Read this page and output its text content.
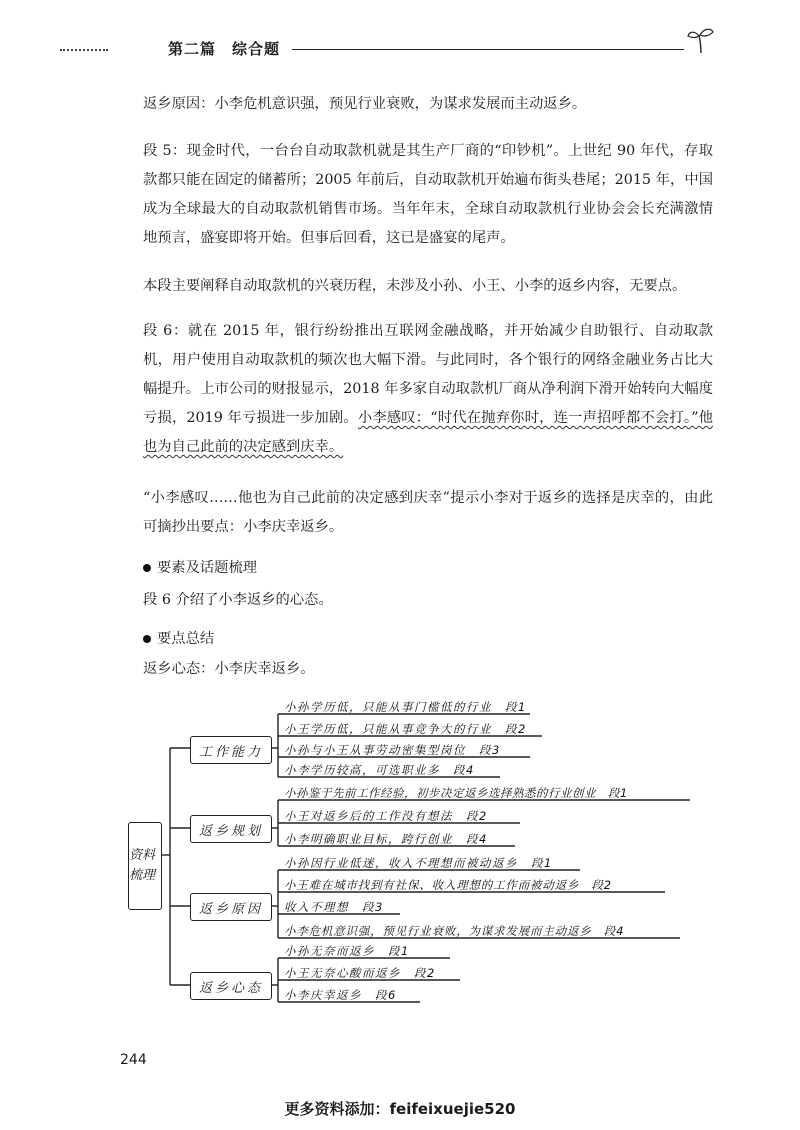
第二篇　综合题
返乡原因：小李危机意识强，预见行业衰败，为谋求发展而主动返乡。
段 5：现金时代，一台台自动取款机就是其生产厂商的“印钞机”。上世纪 90 年代，存取款都只能在固定的储蓄所；2005 年前后，自动取款机开始遍布街头巷尾；2015 年，中国成为全球最大的自动取款机销售市场。当年年末，全球自动取款机行业协会会长充满激情地预言，盛宴即将开始。但事后回看，这已是盛宴的尾声。
本段主要阐释自动取款机的兴衰历程，未涉及小孙、小王、小李的返乡内容，无要点。
段 6：就在 2015 年，银行纷纷推出互联网金融战略，并开始减少自助银行、自动取款机，用户使用自动取款机的频次也大幅下滑。与此同时，各个银行的网络金融业务占比大幅提升。上市公司的财报显示，2018 年多家自动取款机厂商从净利润下滑开始转向大幅度亏损，2019 年亏损进一步加剧。小李感叹：“时代在抛弃你时，连一声招呼都不会打。”他也为自己此前的决定感到庆幸。
“小李感叹……他也为自己此前的决定感到庆幸”提示小李对于返乡的选择是庆幸的，由此可摘抄出要点：小李庆幸返乡。
要素及话题梳理
段 6 介绍了小李返乡的心态。
要点总结
返乡心态：小李庆幸返乡。
资料梳理
工作能力
返乡规划
返乡原因
返乡心态
小孙学历低，只能从事门槛低的行业　段1
小王学历低，只能从事竞争大的行业　段2
小孙与小王从事劳动密集型岗位　段3
小李学历较高，可选职业多　段4
小孙鉴于先前工作经验，初步决定返乡选择熟悉的行业创业　段1
小王对返乡后的工作没有想法　段2
小李明确职业目标，跨行创业　段4
小孙因行业低迷，收入不理想而被动返乡　段1
小王难在城市找到有社保、收入理想的工作而被动返乡　段2
收入不理想　段3
小李危机意识强，预见行业衰败，为谋求发展而主动返乡　段4
小孙无奈而返乡　段1
小王无奈心酸而返乡　段2
小李庆幸返乡　段6
244
更多资料添加：feifeixuejie520
